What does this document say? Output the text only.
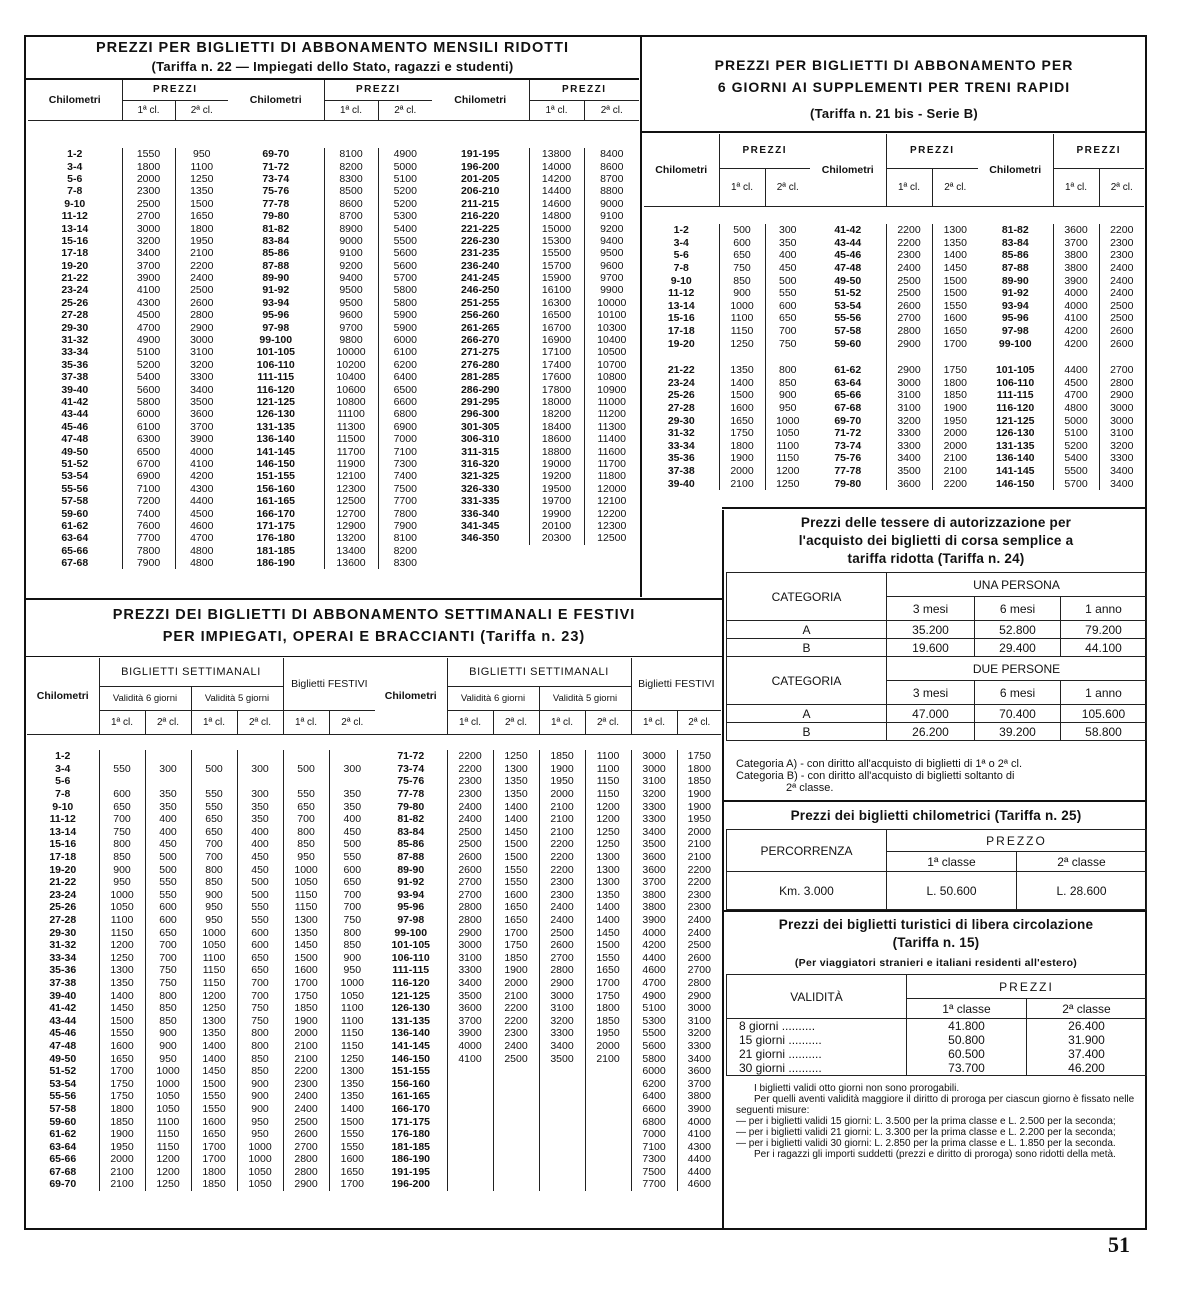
PREZZI PER BIGLIETTI DI ABBONAMENTO MENSILI RIDOTTI
(Tariffa n. 22 — Impiegati dello Stato, ragazzi e studenti)
Chilometri	PREZZI	
	1ª cl.	2ª cl.

1-2	1550	950
3-4	1800	1100
5-6	2000	1250
7-8	2300	1350
9-10	2500	1500
11-12	2700	1650
13-14	3000	1800
15-16	3200	1950
17-18	3400	2100
19-20	3700	2200
21-22	3900	2400
23-24	4100	2500
25-26	4300	2600
27-28	4500	2800
29-30	4700	2900
31-32	4900	3000
33-34	5100	3100
35-36	5200	3200
37-38	5400	3300
39-40	5600	3400
41-42	5800	3500
43-44	6000	3600
45-46	6100	3700
47-48	6300	3900
49-50	6500	4000
51-52	6700	4100
53-54	6900	4200
55-56	7100	4300
57-58	7200	4400
59-60	7400	4500
61-62	7600	4600
63-64	7700	4700
65-66	7800	4800
67-68	7900	4800
Chilometri	PREZZI	
	1ª cl.	2ª cl.

69-70	8100	4900
71-72	8200	5000
73-74	8300	5100
75-76	8500	5200
77-78	8600	5200
79-80	8700	5300
81-82	8900	5400
83-84	9000	5500
85-86	9100	5600
87-88	9200	5600
89-90	9400	5700
91-92	9500	5800
93-94	9500	5800
95-96	9600	5900
97-98	9700	5900
99-100	9800	6000
101-105	10000	6100
106-110	10200	6200
111-115	10400	6400
116-120	10600	6500
121-125	10800	6600
126-130	11100	6800
131-135	11300	6900
136-140	11500	7000
141-145	11700	7100
146-150	11900	7300
151-155	12100	7400
156-160	12300	7500
161-165	12500	7700
166-170	12700	7800
171-175	12900	7900
176-180	13200	8100
181-185	13400	8200
186-190	13600	8300
Chilometri	PREZZI	
	1ª cl.	2ª cl.

191-195	13800	8400
196-200	14000	8600
201-205	14200	8700
206-210	14400	8800
211-215	14600	9000
216-220	14800	9100
221-225	15000	9200
226-230	15300	9400
231-235	15500	9500
236-240	15700	9600
241-245	15900	9700
246-250	16100	9900
251-255	16300	10000
256-260	16500	10100
261-265	16700	10300
266-270	16900	10400
271-275	17100	10500
276-280	17400	10700
281-285	17600	10800
286-290	17800	10900
291-295	18000	11000
296-300	18200	11200
301-305	18400	11300
306-310	18600	11400
311-315	18800	11600
316-320	19000	11700
321-325	19200	11800
326-330	19500	12000
331-335	19700	12100
336-340	19900	12200
341-345	20100	12300
346-350	20300	12500
PREZZI PER BIGLIETTI DI ABBONAMENTO PER
6 GIORNI AI SUPPLEMENTI PER TRENI RAPIDI
(Tariffa n. 21 bis - Serie B)
Chilometri	PREZZI	
	1ª cl.	2ª cl.

1-2	500	300
3-4	600	350
5-6	650	400
7-8	750	450
9-10	850	500
11-12	900	550
13-14	1000	600
15-16	1100	650
17-18	1150	700
19-20	1250	750

21-22	1350	800
23-24	1400	850
25-26	1500	900
27-28	1600	950
29-30	1650	1000
31-32	1750	1050
33-34	1800	1100
35-36	1900	1150
37-38	2000	1200
39-40	2100	1250
Chilometri	PREZZI	
	1ª cl.	2ª cl.

41-42	2200	1300
43-44	2200	1350
45-46	2300	1400
47-48	2400	1450
49-50	2500	1500
51-52	2500	1500
53-54	2600	1550
55-56	2700	1600
57-58	2800	1650
59-60	2900	1700

61-62	2900	1750
63-64	3000	1800
65-66	3100	1850
67-68	3100	1900
69-70	3200	1950
71-72	3300	2000
73-74	3300	2000
75-76	3400	2100
77-78	3500	2100
79-80	3600	2200
Chilometri	PREZZI	
	1ª cl.	2ª cl.

81-82	3600	2200
83-84	3700	2300
85-86	3800	2300
87-88	3800	2400
89-90	3900	2400
91-92	4000	2400
93-94	4000	2500
95-96	4100	2500
97-98	4200	2600
99-100	4200	2600

101-105	4400	2700
106-110	4500	2800
111-115	4700	2900
116-120	4800	3000
121-125	5000	3000
126-130	5100	3100
131-135	5200	3200
136-140	5400	3300
141-145	5500	3400
146-150	5700	3400
PREZZI DEI BIGLIETTI DI ABBONAMENTO SETTIMANALI E FESTIVI
PER IMPIEGATI, OPERAI E BRACCIANTI (Tariffa n. 23)
Chilometri	BIGLIETTI SETTIMANALI				Biglietti FESTIVI	
	Validità 6 giorni		Validità 5 giorni			
	1ª cl.	2ª cl.	1ª cl.	2ª cl.	1ª cl.	2ª cl.

1-2						
3-4	550	300	500	300	500	300
5-6						
7-8	600	350	550	300	550	350
9-10	650	350	550	350	650	350
11-12	700	400	650	350	700	400
13-14	750	400	650	400	800	450
15-16	800	450	700	400	850	500
17-18	850	500	700	450	950	550
19-20	900	500	800	450	1000	600
21-22	950	550	850	500	1050	650
23-24	1000	550	900	500	1150	700
25-26	1050	600	950	550	1150	700
27-28	1100	600	950	550	1300	750
29-30	1150	650	1000	600	1350	800
31-32	1200	700	1050	600	1450	850
33-34	1250	700	1100	650	1500	900
35-36	1300	750	1150	650	1600	950
37-38	1350	750	1150	700	1700	1000
39-40	1400	800	1200	700	1750	1050
41-42	1450	850	1250	750	1850	1100
43-44	1500	850	1300	750	1900	1100
45-46	1550	900	1350	800	2000	1150
47-48	1600	900	1400	800	2100	1150
49-50	1650	950	1400	850	2100	1250
51-52	1700	1000	1450	850	2200	1300
53-54	1750	1000	1500	900	2300	1350
55-56	1750	1050	1550	900	2400	1350
57-58	1800	1050	1550	900	2400	1400
59-60	1850	1100	1600	950	2500	1500
61-62	1900	1150	1650	950	2600	1550
63-64	1950	1150	1700	1000	2700	1550
65-66	2000	1200	1700	1000	2800	1600
67-68	2100	1200	1800	1050	2800	1650
69-70	2100	1250	1850	1050	2900	1700
Chilometri	BIGLIETTI SETTIMANALI				Biglietti FESTIVI	
	Validità 6 giorni		Validità 5 giorni			
	1ª cl.	2ª cl.	1ª cl.	2ª cl.	1ª cl.	2ª cl.

71-72	2200	1250	1850	1100	3000	1750
73-74	2200	1300	1900	1100	3000	1800
75-76	2300	1350	1950	1150	3100	1850
77-78	2300	1350	2000	1150	3200	1900
79-80	2400	1400	2100	1200	3300	1900
81-82	2400	1400	2100	1200	3300	1950
83-84	2500	1450	2100	1250	3400	2000
85-86	2500	1500	2200	1250	3500	2100
87-88	2600	1500	2200	1300	3600	2100
89-90	2600	1550	2200	1300	3600	2200
91-92	2700	1550	2300	1300	3700	2200
93-94	2700	1600	2300	1350	3800	2300
95-96	2800	1650	2400	1400	3800	2300
97-98	2800	1650	2400	1400	3900	2400
99-100	2900	1700	2500	1450	4000	2400
101-105	3000	1750	2600	1500	4200	2500
106-110	3100	1850	2700	1550	4400	2600
111-115	3300	1900	2800	1650	4600	2700
116-120	3400	2000	2900	1700	4700	2800
121-125	3500	2100	3000	1750	4900	2900
126-130	3600	2200	3100	1800	5100	3000
131-135	3700	2200	3200	1850	5300	3100
136-140	3900	2300	3300	1950	5500	3200
141-145	4000	2400	3400	2000	5600	3300
146-150	4100	2500	3500	2100	5800	3400
151-155					6000	3600
156-160					6200	3700
161-165					6400	3800
166-170					6600	3900
171-175					6800	4000
176-180					7000	4100
181-185					7100	4300
186-190					7300	4400
191-195					7500	4400
196-200					7700	4600
Prezzi delle tessere di autorizzazione per
l'acquisto dei biglietti di corsa semplice a
tariffa ridotta (Tariffa n. 24)
CATEGORIA	UNA PERSONA		
	3 mesi	6 mesi	1 anno
A	35.200	52.800	79.200
B	19.600	29.400	44.100
CATEGORIA	DUE PERSONE		
	3 mesi	6 mesi	1 anno
A	47.000	70.400	105.600
B	26.200	39.200	58.800
Categoria A) - con diritto all'acquisto di biglietti di 1ª o 2ª cl.
Categoria B) - con diritto all'acquisto di biglietti soltanto di
2ª classe.
Prezzi dei biglietti chilometrici (Tariffa n. 25)
PERCORRENZA	PREZZO	
	1ª classe	2ª classe
Km. 3.000	L. 50.600	L. 28.600
Prezzi dei biglietti turistici di libera circolazione
(Tariffa n. 15)
(Per viaggiatori stranieri e italiani residenti all'estero)
VALIDITÀ	PREZZI	
	1ª classe	2ª classe
8 giorni ..........	41.800	26.400
15 giorni ..........	50.800	31.900
21 giorni ..........	60.500	37.400
30 giorni ..........	73.700	46.200
I biglietti validi otto giorni non sono prorogabili.
Per quelli aventi validità maggiore il diritto di proroga per ciascun giorno è fissato nelle seguenti misure:
— per i biglietti validi 15 giorni: L. 3.500 per la prima classe e L. 2.500 per la seconda;
— per i biglietti validi 21 giorni: L. 3.300 per la prima classe e L. 2.200 per la seconda;
— per i biglietti validi 30 giorni: L. 2.850 per la prima classe e L. 1.850 per la seconda.
Per i ragazzi gli importi suddetti (prezzi e diritto di proroga) sono ridotti della metà.
51
